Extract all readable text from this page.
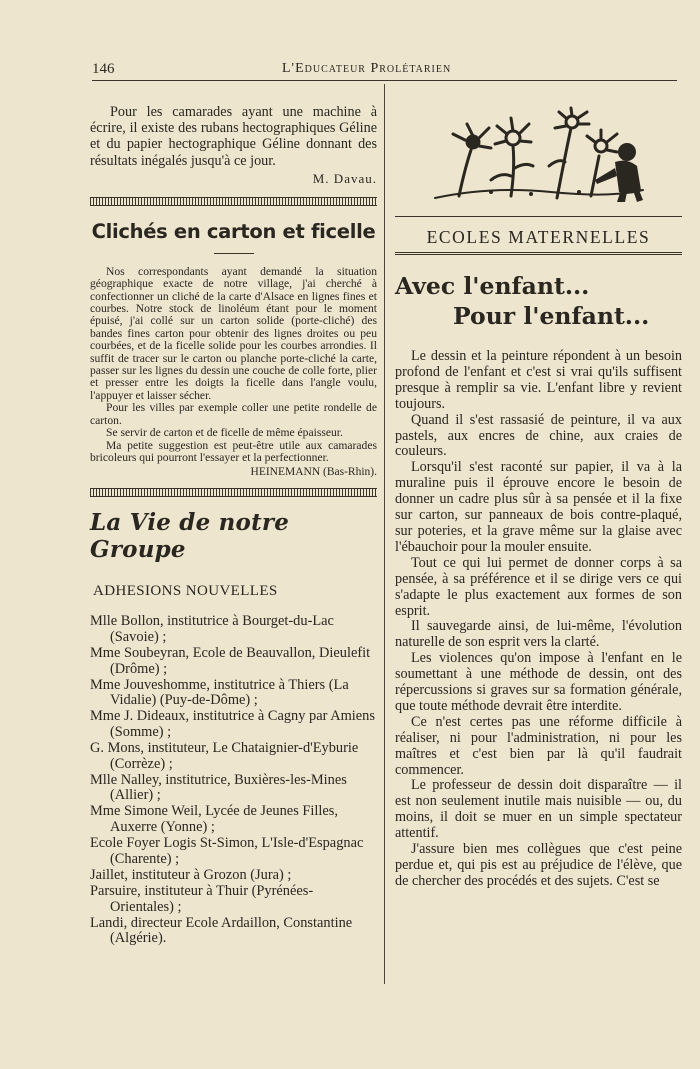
146	L'Educateur Prolétarien

Pour les camarades ayant une machine à écrire, il existe des rubans hectographiques Géline et du papier hectographique Géline donnant des résultats inégalés jusqu'à ce jour.

M. Davau.
Clichés en carton et ficelle

Nos correspondants ayant demandé la situation géographique exacte de notre village, j'ai cherché à confectionner un cliché de la carte d'Alsace en lignes fines et courbes. Notre stock de linoléum étant pour le moment épuisé, j'ai collé sur un carton solide (porte-cliché) des bandes fines carton pour obtenir des lignes droites ou peu courbées, et de la ficelle solide pour les courbes arrondies. Il suffit de tracer sur le carton ou planche porte-cliché la carte, passer sur les lignes du dessin une couche de colle forte, plier et presser entre les doigts la ficelle dans l'angle voulu, l'appuyer et laisser sécher.

Pour les villes par exemple coller une petite rondelle de carton.

Se servir de carton et de ficelle de même épaisseur.

Ma petite suggestion est peut-être utile aux camarades bricoleurs qui pourront l'essayer et la perfectionner.

HEINEMANN (Bas-Rhin).
La Vie de notre Groupe
ADHESIONS NOUVELLES
Mlle Bollon, institutrice à Bourget-du-Lac (Savoie) ;
Mme Soubeyran, Ecole de Beauvallon, Dieulefit (Drôme) ;
Mme Jouveshomme, institutrice à Thiers (La Vidalie) (Puy-de-Dôme) ;
Mme J. Dideaux, institutrice à Cagny par Amiens (Somme) ;
G. Mons, instituteur, Le Chataignier-d'Eyburie (Corrèze) ;
Mlle Nalley, institutrice, Buxières-les-Mines (Allier) ;
Mme Simone Weil, Lycée de Jeunes Filles, Auxerre (Yonne) ;
Ecole Foyer Logis St-Simon, L'Isle-d'Espagnac (Charente) ;
Jaillet, instituteur à Grozon (Jura) ;
Parsuire, instituteur à Thuir (Pyrénées-Orientales) ;
Landi, directeur Ecole Ardaillon, Constantine (Algérie).
ECOLES MATERNELLES
Avec l'enfant...
Pour l'enfant...

Le dessin et la peinture répondent à un besoin profond de l'enfant et c'est si vrai qu'ils suffisent presque à remplir sa vie. L'enfant libre y revient toujours.

Quand il s'est rassasié de peinture, il va aux pastels, aux encres de chine, aux craies de couleurs.

Lorsqu'il s'est raconté sur papier, il va à la muraline puis il éprouve encore le besoin de donner un cadre plus sûr à sa pensée et il la fixe sur carton, sur panneaux de bois contre-plaqué, sur poteries, et la grave même sur la glaise avec l'ébauchoir pour la mouler ensuite.

Tout ce qui lui permet de donner corps à sa pensée, à sa préférence et il se dirige vers ce qui s'adapte le plus exactement aux formes de son esprit.

Il sauvegarde ainsi, de lui-même, l'évolution naturelle de son esprit vers la clarté.

Les violences qu'on impose à l'enfant en le soumettant à une méthode de dessin, ont des répercussions si graves sur sa formation générale, que toute méthode devrait être interdite.

Ce n'est certes pas une réforme difficile à réaliser, ni pour l'administration, ni pour les maîtres et c'est bien par là qu'il faudrait commencer.

Le professeur de dessin doit disparaître — il est non seulement inutile mais nuisible — ou, du moins, il doit se muer en un simple spectateur attentif.

J'assure bien mes collègues que c'est peine perdue et, qui pis est au préjudice de l'élève, que de chercher des procédés et des sujets. C'est se
